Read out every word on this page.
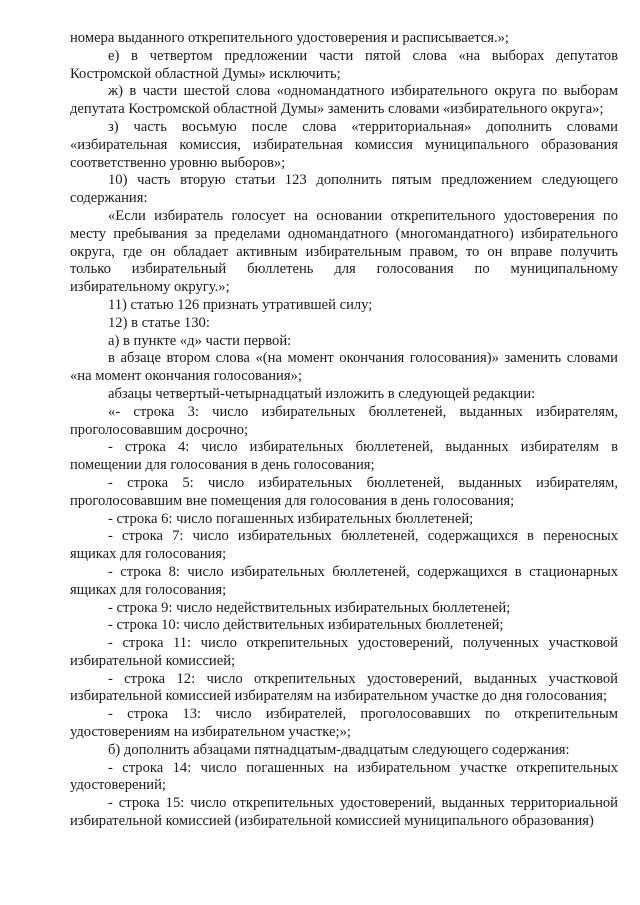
номера выданного открепительного удостоверения и расписывается.»;

е) в четвертом предложении части пятой слова «на выборах депутатов Костромской областной Думы» исключить;

ж) в части шестой слова «одномандатного избирательного округа по выборам депутата Костромской областной Думы» заменить словами «избирательного округа»;

з) часть восьмую после слова «территориальная» дополнить словами «избирательная комиссия, избирательная комиссия муниципального образования соответственно уровню выборов»;

10) часть вторую статьи 123 дополнить пятым предложением следующего содержания:

«Если избиратель голосует на основании открепительного удостоверения по месту пребывания за пределами одномандатного (многомандатного) избирательного округа, где он обладает активным избирательным правом, то он вправе получить только избирательный бюллетень для голосования по муниципальному избирательному округу.»;

11) статью 126 признать утратившей силу;

12) в статье 130:

а) в пункте «д» части первой:

в абзаце втором слова «(на момент окончания голосования)» заменить словами «на момент окончания голосования»;

абзацы четвертый-четырнадцатый изложить в следующей редакции:

«- строка 3: число избирательных бюллетеней, выданных избирателям, проголосовавшим досрочно;

- строка 4: число избирательных бюллетеней, выданных избирателям в помещении для голосования в день голосования;

- строка 5: число избирательных бюллетеней, выданных избирателям, проголосовавшим вне помещения для голосования в день голосования;

- строка 6: число погашенных избирательных бюллетеней;

- строка 7: число избирательных бюллетеней, содержащихся в переносных ящиках для голосования;

- строка 8: число избирательных бюллетеней, содержащихся в стационарных ящиках для голосования;

- строка 9: число недействительных избирательных бюллетеней;

- строка 10: число действительных избирательных бюллетеней;

- строка 11: число открепительных удостоверений, полученных участковой избирательной комиссией;

- строка 12: число открепительных удостоверений, выданных участковой избирательной комиссией избирателям на избирательном участке до дня голосования;

- строка 13: число избирателей, проголосовавших по открепительным удостоверениям на избирательном участке;»;

б) дополнить абзацами пятнадцатым-двадцатым следующего содержания:

- строка 14: число погашенных на избирательном участке открепительных удостоверений;

- строка 15: число открепительных удостоверений, выданных территориальной избирательной комиссией (избирательной комиссией муниципального образования)
